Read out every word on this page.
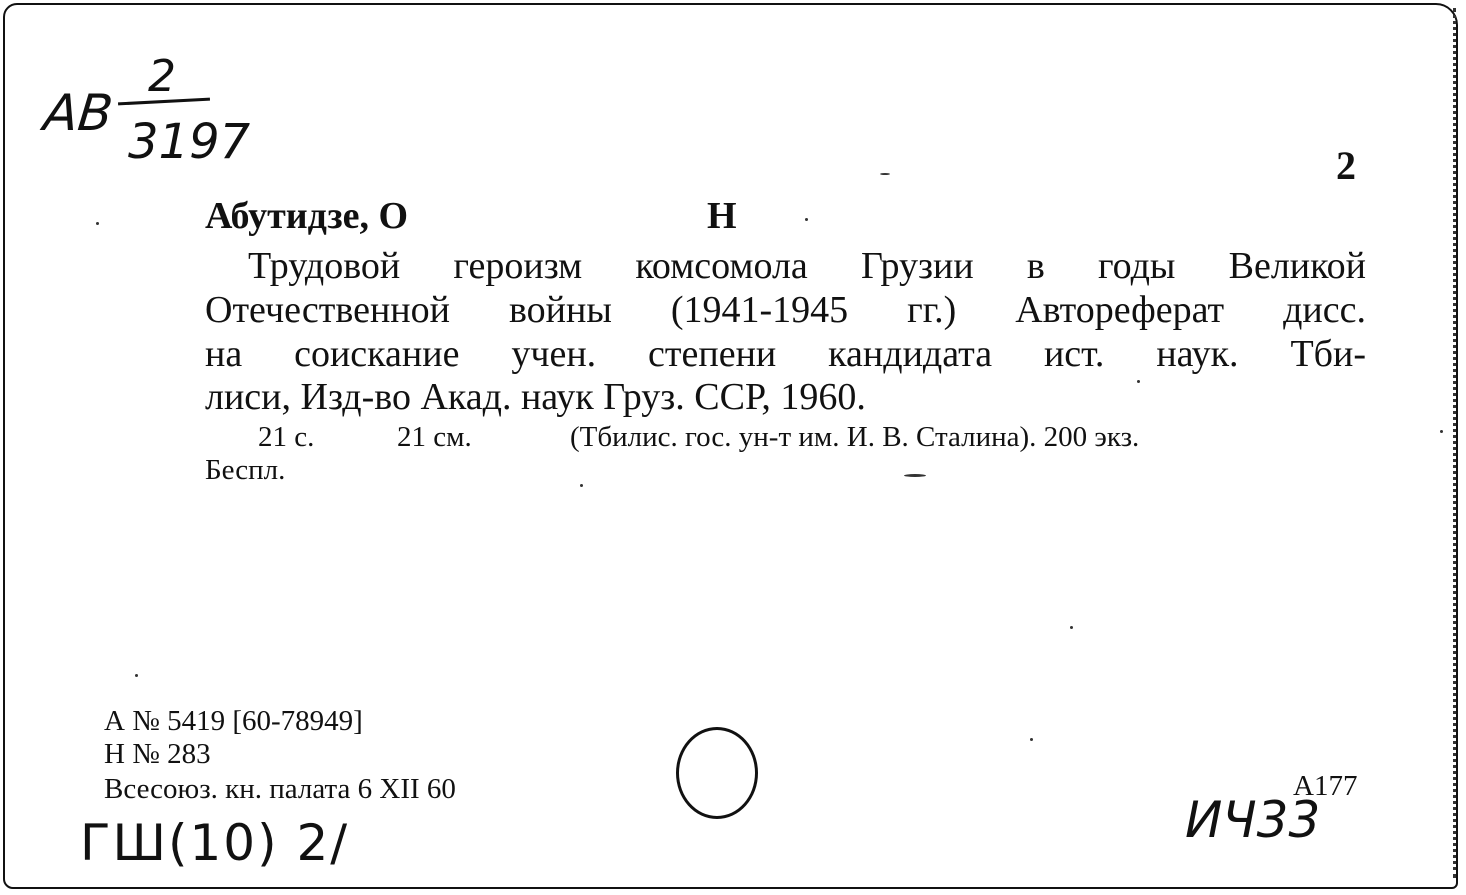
АВ
2
3197	2
Абутидзе, О	Н
Трудовой героизм комсомола Грузии в годы Великой
Отечественной войны (1941-1945 гг.) Автореферат дисс.
на соискание учен. степени кандидата ист. наук. Тби-
лиси, Изд-во Акад. наук Груз. ССР, 1960.
21 с.	21 см.	(Тбилис. гос. ун-т им. И. В. Сталина). 200 экз.
Беспл.
А № 5419 [60-78949]
Н № 283
Всесоюз. кн. палата 6 XII 60	А177
ГШ(10) 2/	ИЧ33
